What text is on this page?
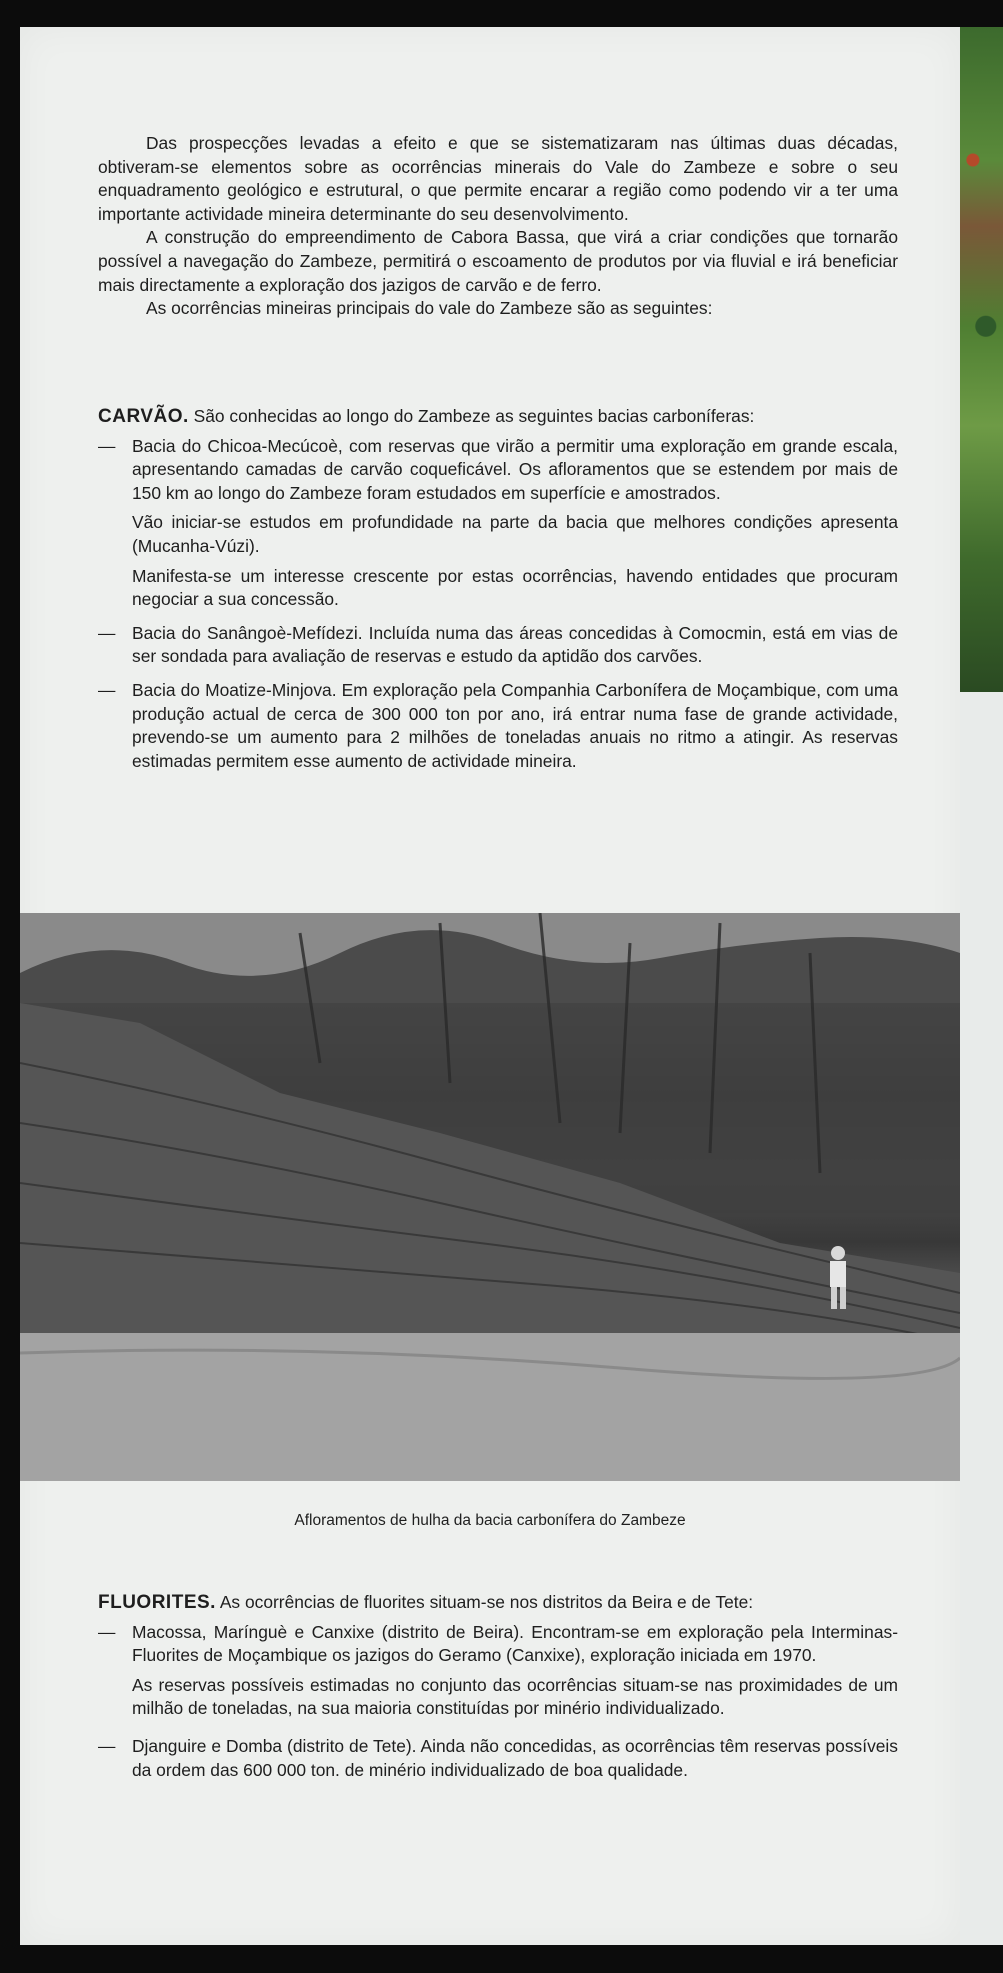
Das prospecções levadas a efeito e que se sistematizaram nas últimas duas décadas, obtiveram-se elementos sobre as ocorrências minerais do Vale do Zambeze e sobre o seu enquadramento geológico e estrutural, o que permite encarar a região como podendo vir a ter uma importante actividade mineira determinante do seu desenvolvimento.

A construção do empreendimento de Cabora Bassa, que virá a criar condições que tornarão possível a navegação do Zambeze, permitirá o escoamento de produtos por via fluvial e irá beneficiar mais directamente a exploração dos jazigos de carvão e de ferro.

As ocorrências mineiras principais do vale do Zambeze são as seguintes:

CARVÃO. São conhecidas ao longo do Zambeze as seguintes bacias carboníferas:

— Bacia do Chicoa-Mecúcoè, com reservas que virão a permitir uma exploração em grande escala, apresentando camadas de carvão coqueficável. Os afloramentos que se estendem por mais de 150 km ao longo do Zambeze foram estudados em superfície e amostrados.

Vão iniciar-se estudos em profundidade na parte da bacia que melhores condições apresenta (Mucanha-Vúzi).

Manifesta-se um interesse crescente por estas ocorrências, havendo entidades que procuram negociar a sua concessão.

— Bacia do Sanângoè-Mefídezi. Incluída numa das áreas concedidas à Comocmin, está em vias de ser sondada para avaliação de reservas e estudo da aptidão dos carvões.

— Bacia do Moatize-Minjova. Em exploração pela Companhia Carbonífera de Moçambique, com uma produção actual de cerca de 300 000 ton por ano, irá entrar numa fase de grande actividade, prevendo-se um aumento para 2 milhões de toneladas anuais no ritmo a atingir. As reservas estimadas permitem esse aumento de actividade mineira.

Afloramentos de hulha da bacia carbonífera do Zambeze

FLUORITES. As ocorrências de fluorites situam-se nos distritos da Beira e de Tete:

— Macossa, Marínguè e Canxixe (distrito de Beira). Encontram-se em exploração pela Interminas-Fluorites de Moçambique os jazigos do Geramo (Canxixe), exploração iniciada em 1970.

As reservas possíveis estimadas no conjunto das ocorrências situam-se nas proximidades de um milhão de toneladas, na sua maioria constituídas por minério individualizado.

— Djanguire e Domba (distrito de Tete). Ainda não concedidas, as ocorrências têm reservas possíveis da ordem das 600 000 ton. de minério individualizado de boa qualidade.
